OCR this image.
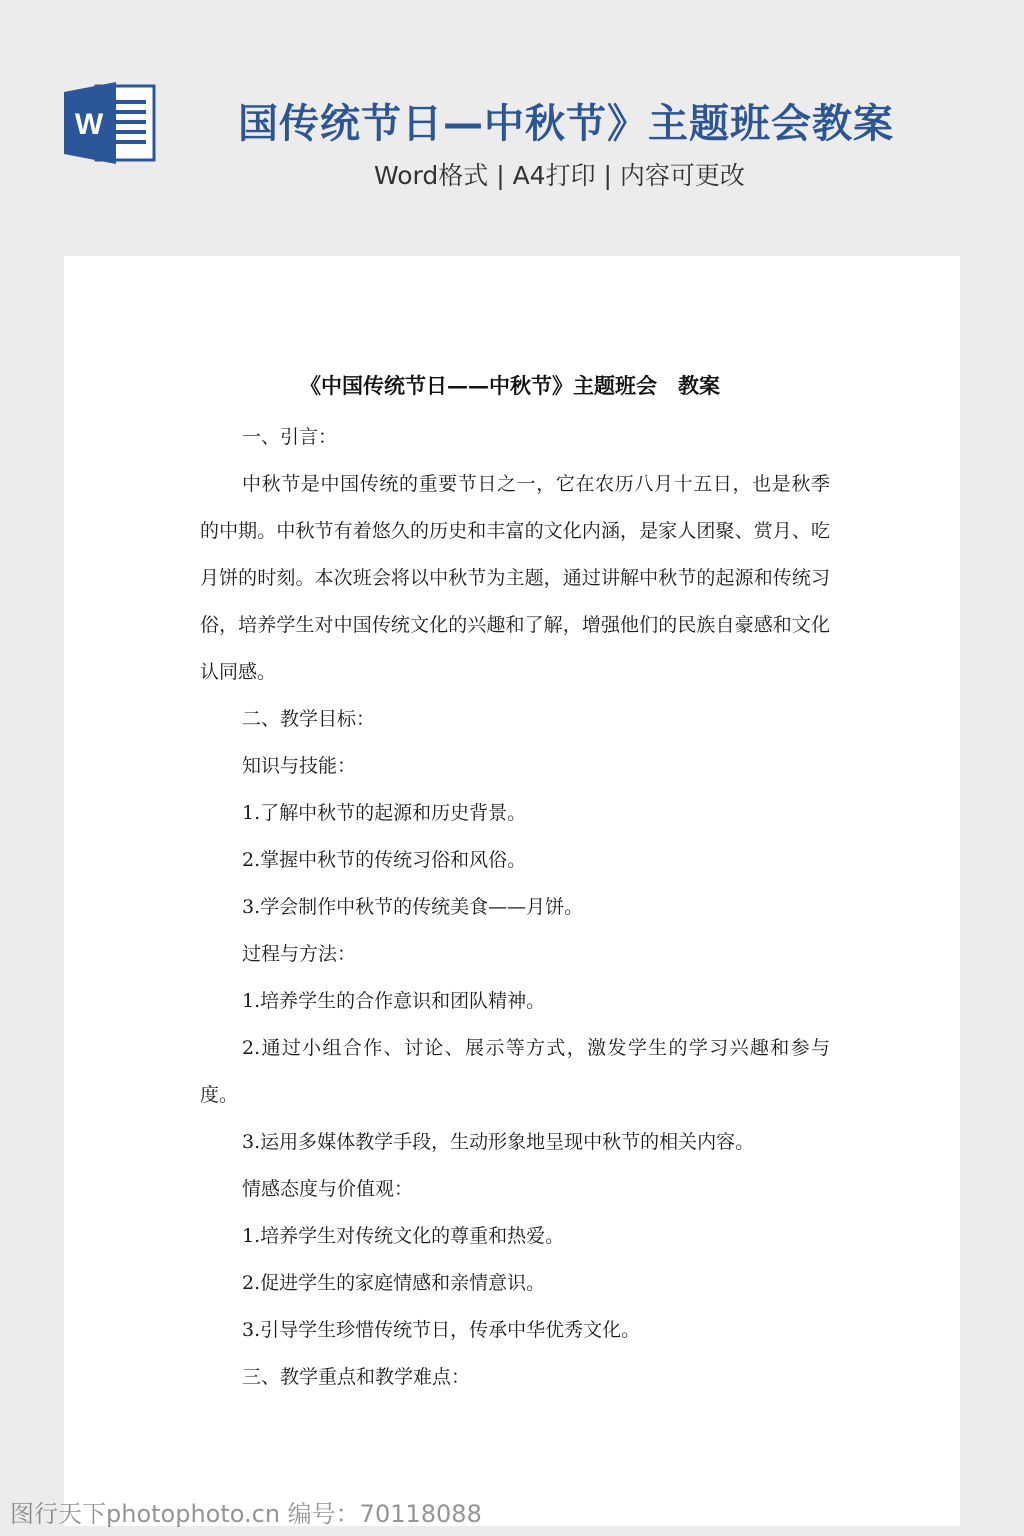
W	国传统节日—中秋节》主题班会教案
Word格式 | A4打印 | 内容可更改
《中国传统节日——中秋节》主题班会　教案

一、引言：

中秋节是中国传统的重要节日之一，它在农历八月十五日，也是秋季的中期。中秋节有着悠久的历史和丰富的文化内涵，是家人团聚、赏月、吃月饼的时刻。本次班会将以中秋节为主题，通过讲解中秋节的起源和传统习俗，培养学生对中国传统文化的兴趣和了解，增强他们的民族自豪感和文化认同感。

二、教学目标：

知识与技能：

1.了解中秋节的起源和历史背景。

2.掌握中秋节的传统习俗和风俗。

3.学会制作中秋节的传统美食——月饼。

过程与方法：

1.培养学生的合作意识和团队精神。

2.通过小组合作、讨论、展示等方式，激发学生的学习兴趣和参与度。

3.运用多媒体教学手段，生动形象地呈现中秋节的相关内容。

情感态度与价值观：

1.培养学生对传统文化的尊重和热爱。

2.促进学生的家庭情感和亲情意识。

3.引导学生珍惜传统节日，传承中华优秀文化。

三、教学重点和教学难点：

图行天下photophoto.cn 编号：70118088
